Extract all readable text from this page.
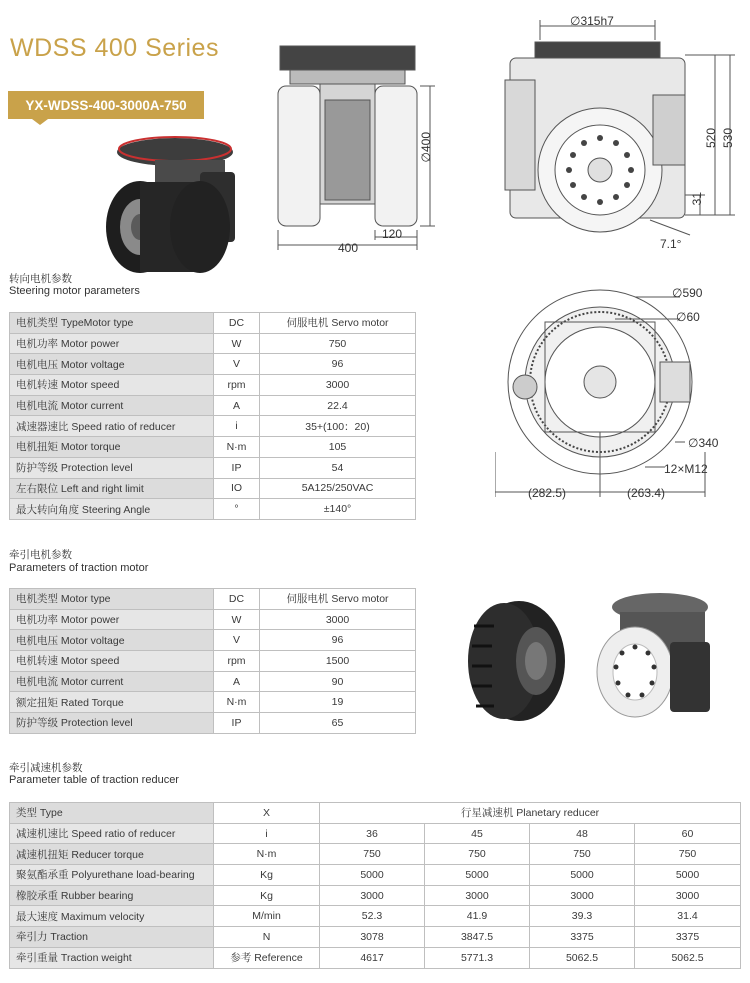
WDSS 400 Series
YX-WDSS-400-3000A-750
∅400
400
120
∅315h7
520 530
31
7.1°
∅590
∅60
∅340
12×M12
(282.5)	(263.4)
转向电机参数
Steering motor parameters
电机类型 TypeMotor type	DC	伺服电机 Servo motor
电机功率 Motor power	W	750
电机电压 Motor voltage	V	96
电机转速 Motor speed	rpm	3000
电机电流 Motor current	A	22.4
减速器速比 Speed ratio of reducer	i	35+(100：20)
电机扭矩 Motor torque	N·m	105
防护等级 Protection level	IP	54
左右限位 Left and right limit	IO	5A125/250VAC
最大转向角度 Steering Angle	°	±140°
牵引电机参数
Parameters of traction motor
电机类型 Motor type	DC	伺服电机 Servo motor
电机功率 Motor power	W	3000
电机电压 Motor voltage	V	96
电机转速 Motor speed	rpm	1500
电机电流 Motor current	A	90
额定扭矩 Rated Torque	N·m	19
防护等级 Protection level	IP	65
牵引减速机参数
Parameter table of traction reducer
类型 Type	X	行星减速机 Planetary reducer			
减速机速比 Speed ratio of reducer	i	36	45	48	60
减速机扭矩 Reducer torque	N·m	750	750	750	750
聚氨酯承重 Polyurethane load-bearing	Kg	5000	5000	5000	5000
橡胶承重 Rubber bearing	Kg	3000	3000	3000	3000
最大速度 Maximum velocity	M/min	52.3	41.9	39.3	31.4
牵引力 Traction	N	3078	3847.5	3375	3375
牵引重量 Traction weight	参考 Reference	4617	5771.3	5062.5	5062.5
